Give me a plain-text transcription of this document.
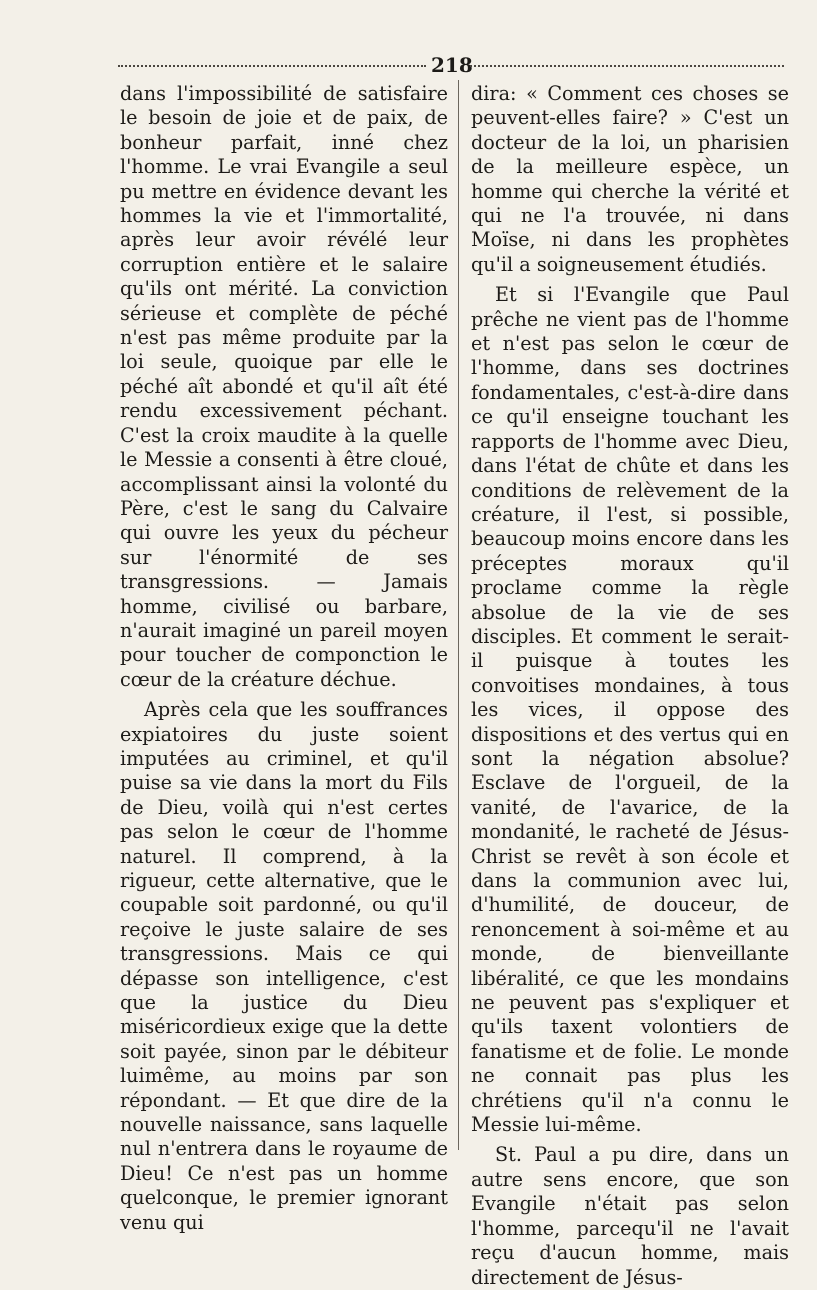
218

dans l'impossibilité de satisfaire le besoin de joie et de paix, de bonheur parfait, inné chez l'homme. Le vrai Evangile a seul pu mettre en évidence devant les hommes la vie et l'immortalité, après leur avoir révélé leur corruption entière et le salaire qu'ils ont mérité. La conviction sérieuse et complète de péché n'est pas même produite par la loi seule, quoique par elle le péché aît abondé et qu'il aît été rendu excessivement péchant. C'est la croix maudite à la quelle le Messie a consenti à être cloué, accomplissant ainsi la volonté du Père, c'est le sang du Calvaire qui ouvre les yeux du pécheur sur l'énormité de ses transgressions. — Jamais homme, civilisé ou barbare, n'aurait imaginé un pareil moyen pour toucher de componction le cœur de la créature déchue.

Après cela que les souffrances expiatoires du juste soient imputées au criminel, et qu'il puise sa vie dans la mort du Fils de Dieu, voilà qui n'est certes pas selon le cœur de l'homme naturel. Il comprend, à la rigueur, cette alternative, que le coupable soit pardonné, ou qu'il reçoive le juste salaire de ses transgressions. Mais ce qui dépasse son intelligence, c'est que la justice du Dieu miséricordieux exige que la dette soit payée, sinon par le débiteur luimême, au moins par son répondant. — Et que dire de la nouvelle naissance, sans laquelle nul n'entrera dans le royaume de Dieu! Ce n'est pas un homme quelconque, le premier ignorant venu qui

dira: « Comment ces choses se peuvent-elles faire? » C'est un docteur de la loi, un pharisien de la meilleure espèce, un homme qui cherche la vérité et qui ne l'a trouvée, ni dans Moïse, ni dans les prophètes qu'il a soigneusement étudiés.

Et si l'Evangile que Paul prêche ne vient pas de l'homme et n'est pas selon le cœur de l'homme, dans ses doctrines fondamentales, c'est-à-dire dans ce qu'il enseigne touchant les rapports de l'homme avec Dieu, dans l'état de chûte et dans les conditions de relèvement de la créature, il l'est, si possible, beaucoup moins encore dans les préceptes moraux qu'il proclame comme la règle absolue de la vie de ses disciples. Et comment le serait-il puisque à toutes les convoitises mondaines, à tous les vices, il oppose des dispositions et des vertus qui en sont la négation absolue? Esclave de l'orgueil, de la vanité, de l'avarice, de la mondanité, le racheté de Jésus-Christ se revêt à son école et dans la communion avec lui, d'humilité, de douceur, de renoncement à soi-même et au monde, de bienveillante libéralité, ce que les mondains ne peuvent pas s'expliquer et qu'ils taxent volontiers de fanatisme et de folie. Le monde ne connait pas plus les chrétiens qu'il n'a connu le Messie lui-même.

St. Paul a pu dire, dans un autre sens encore, que son Evangile n'était pas selon l'homme, parcequ'il ne l'avait reçu d'aucun homme, mais directement de Jésus-
